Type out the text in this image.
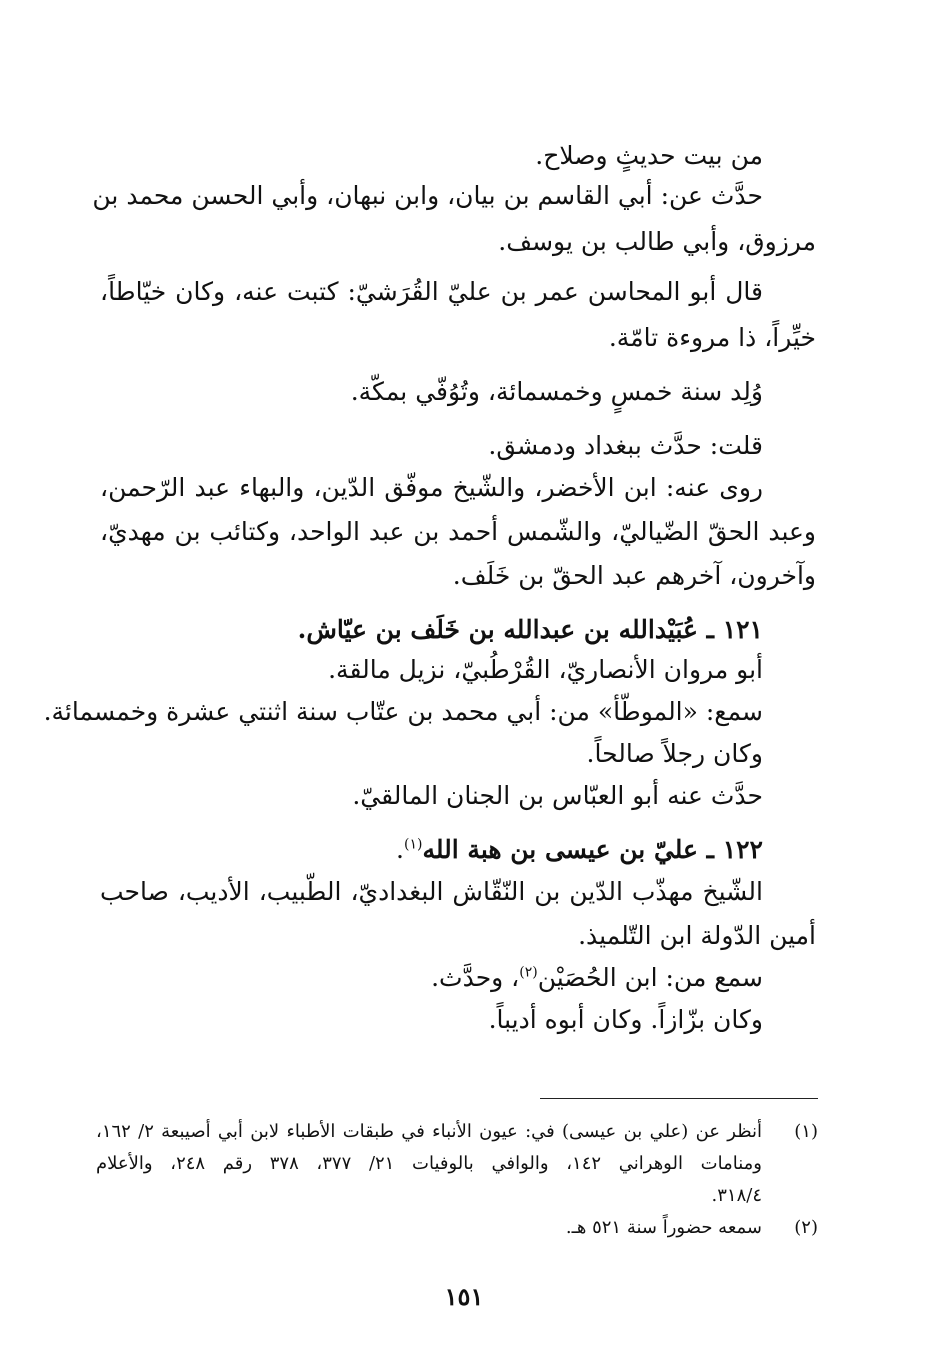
من بيت حديثٍ وصلاح.
حدَّث عن: أبي القاسم بن بيان، وابن نبهان، وأبي الحسن محمد بن
مرزوق، وأبي طالب بن يوسف.
قال أبو المحاسن عمر بن عليّ القُرَشيّ: كتبت عنه، وكان خيّاطاً،
خيِّراً، ذا مروءة تامّة.
وُلِد سنة خمسٍ وخمسمائة، وتُوُفّي بمكّة.
قلت: حدَّث ببغداد ودمشق.
روى عنه: ابن الأخضر، والشّيخ موفّق الدّين، والبهاء عبد الرّحمن،
وعبد الحقّ الضّياليّ، والشّمس أحمد بن عبد الواحد، وكتائب بن مهديّ،
وآخرون، آخرهم عبد الحقّ بن خَلَف.
١٢١ ـ عُبَيْدالله بن عبدالله بن خَلَف بن عيّاش.
أبو مروان الأنصاريّ، القُرْطُبيّ، نزيل مالقة.
سمع: «الموطّأ» من: أبي محمد بن عتّاب سنة اثنتي عشرة وخمسمائة.
وكان رجلاً صالحاً.
حدَّث عنه أبو العبّاس بن الجنان المالقيّ.
١٢٢ ـ عليّ بن عيسى بن هبة الله$^{(١)}$.
الشّيخ مهذّب الدّين بن النّقّاش البغداديّ، الطّبيب، الأديب، صاحب
أمين الدّولة ابن التّلميذ.
سمع من: ابن الحُصَيْن$^{(٢)}$، وحدَّث.
وكان بزّازاً. وكان أبوه أديباً.
(١)
أنظر عن (علي بن عيسى) في: عيون الأنباء في طبقات الأطباء لابن أبي أصيبعة ٢/ ١٦٢،
ومنامات الوهراني ١٤٢، والوافي بالوفيات ٢١/ ٣٧٧، ٣٧٨ رقم ٢٤٨، والأعلام
٣١٨/٤.
(٢)
سمعه حضوراً سنة ٥٢١ هـ.
١٥١
